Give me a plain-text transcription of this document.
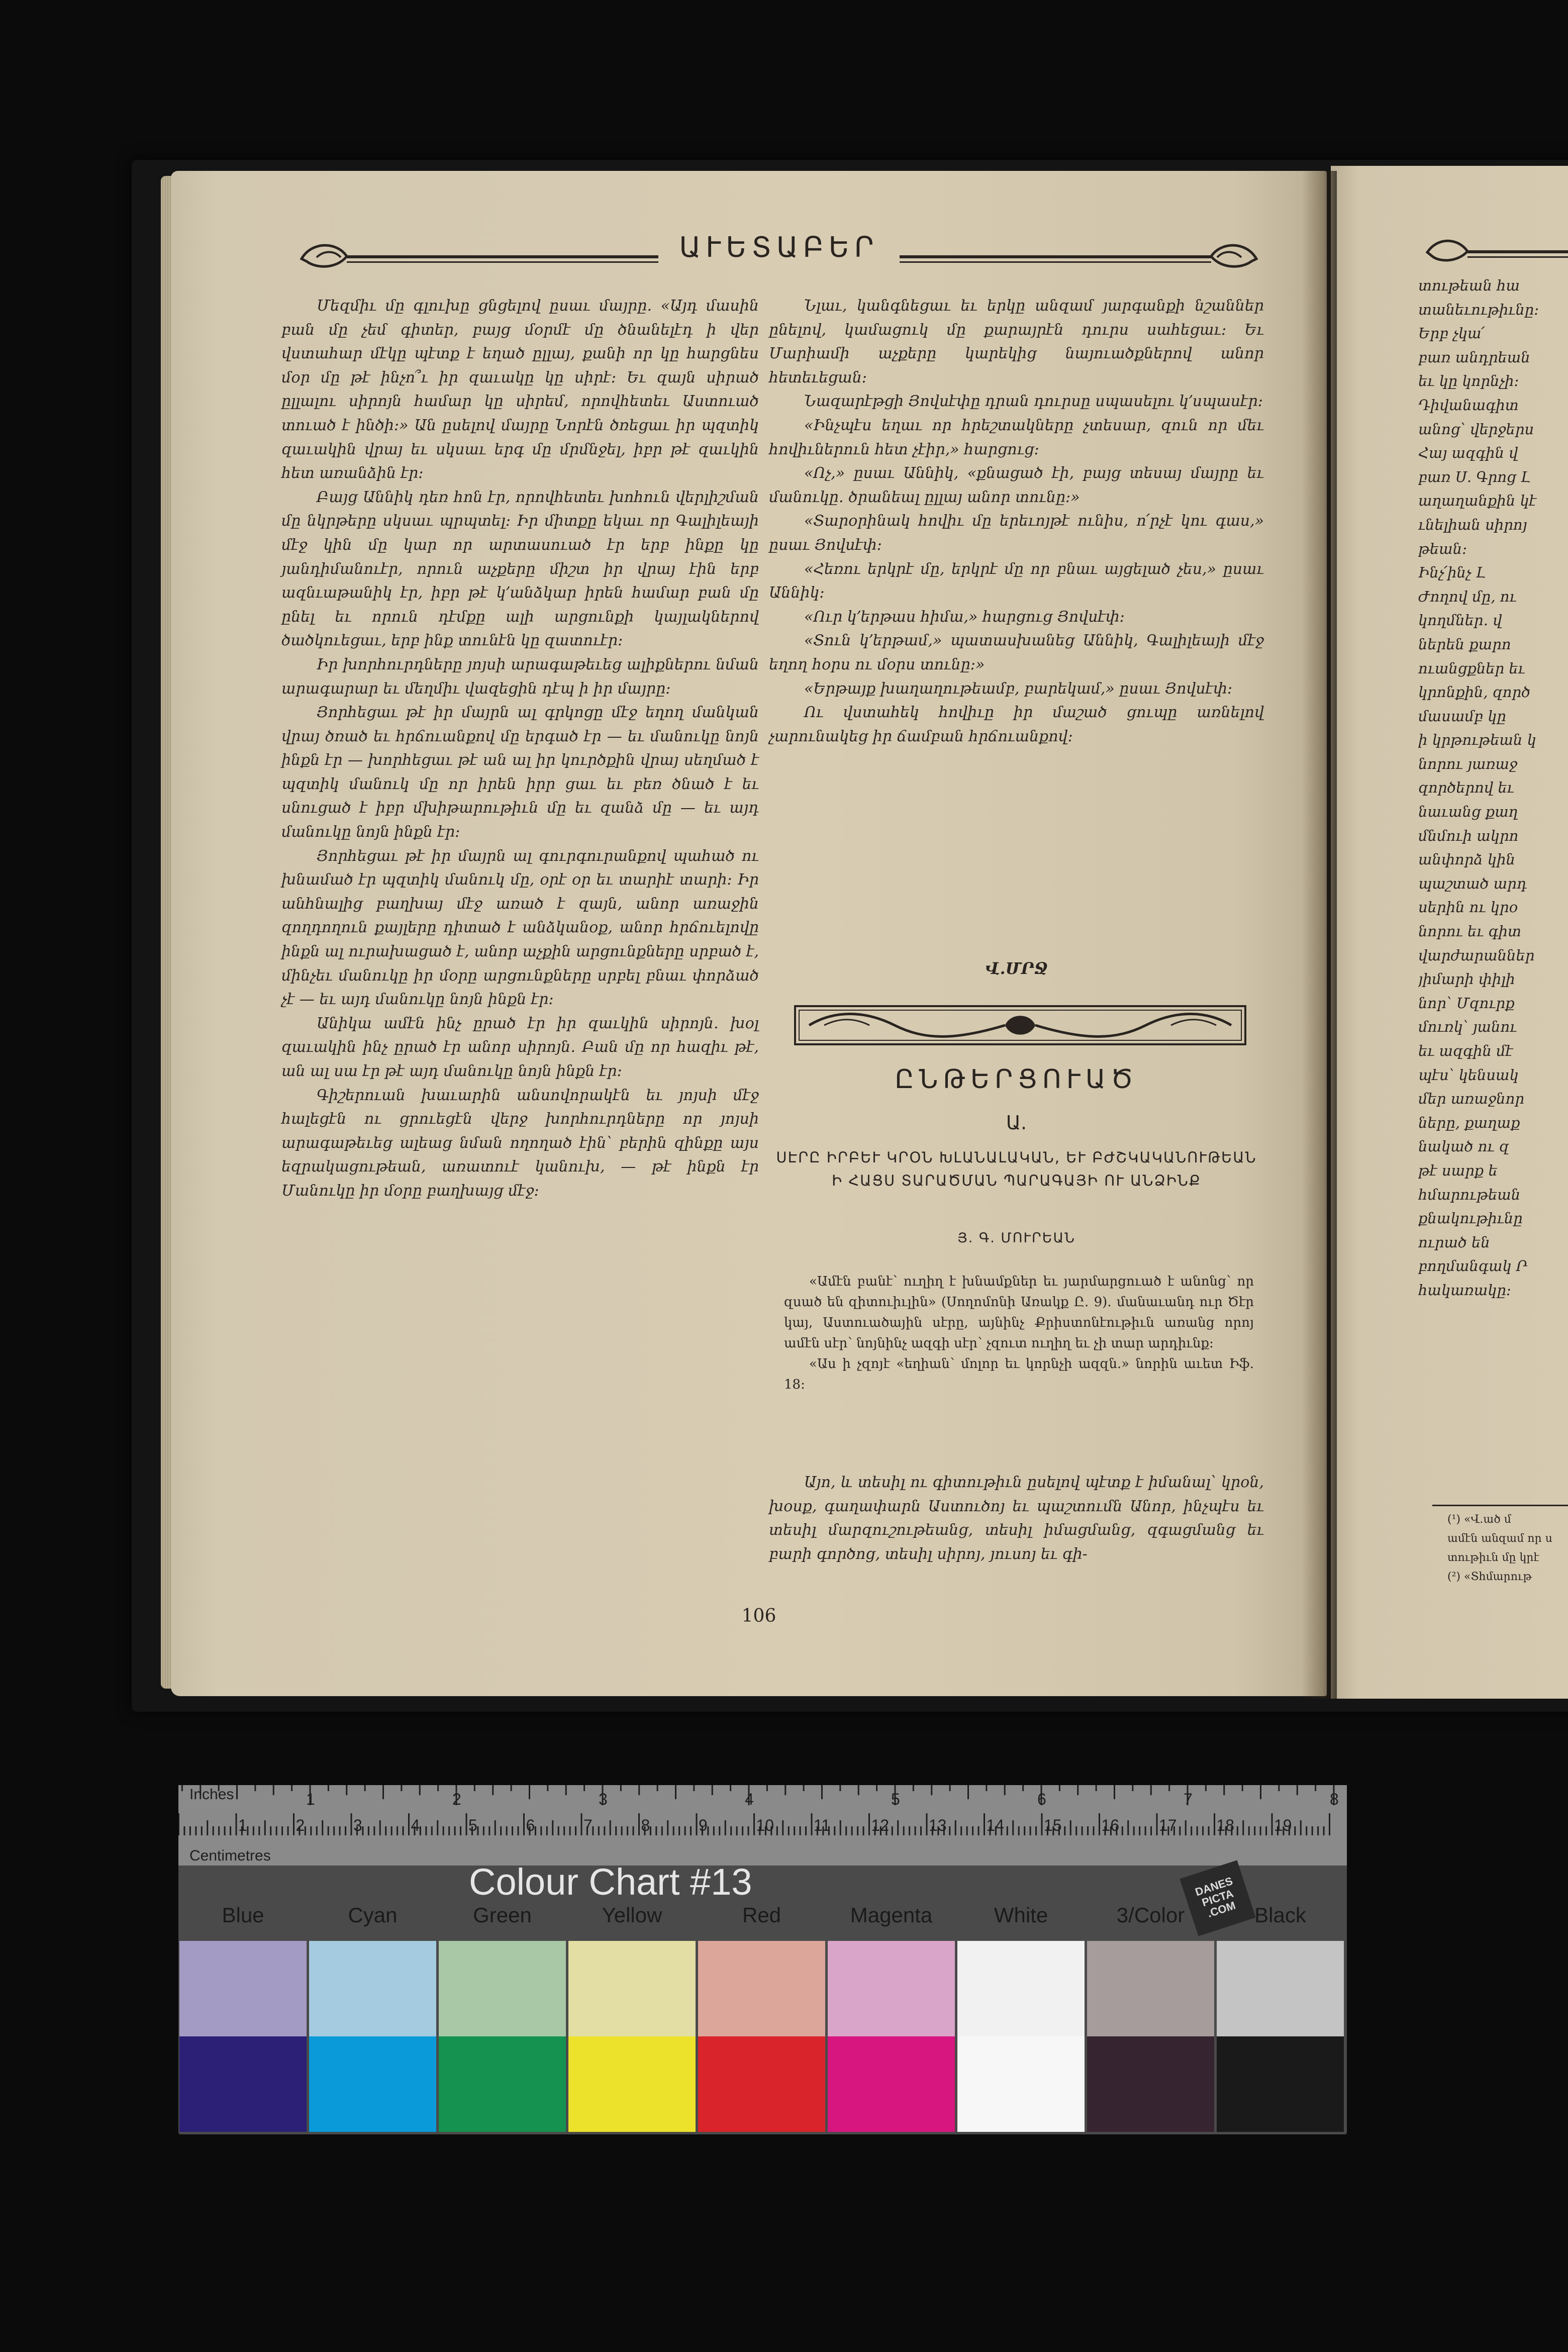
ԱՒԵՏԱԲԵՐ

Մեզմիւ մը գլուխը ցնցելով ըսաւ մայրը․ «Այդ մասին բան մը չեմ գիտեր, բայց մօրմէ մը ծնանելէդ ի վեր վստահար մէկը պէտք է եղած ըլլայ, քանի որ կը հարցնես մօր մը թէ ինչո՞ւ իր զաւակը կը սիրէ։ Եւ զայն սիրած ըլլալու սիրոյն համար կը սիրեմ, որովհետեւ Աստուած տուած է ինծի։» Ան ըսելով մայրը Նորէն ծռեցաւ իր պզտիկ զաւակին վրայ եւ սկսաւ երգ մը մրմնջել, իբր թէ զաւկին հետ առանձին էր։

Բայց Աննիկ դեռ հոն էր, որովհետեւ խոհուն վերլիշման մը նկրթերը սկսաւ պրպտել։ Իր միտքը եկաւ որ Գալիլեայի մէջ կին մը կար որ արտասուած էր երբ ինքը կը յանդիմանուէր, որուն աչքերը միշտ իր վրայ էին երբ ազնւաթանիկ էր, իբր թէ կ՚անձկար իրեն համար բան մը ընել եւ որուն դէմքը ալի արցունքի կայլակներով ծածկուեցաւ, երբ ինք տունէն կը զատուէր։

Իր խորհուրդները յոյսի արագաթեւեց ալիքներու նման արագարար եւ մեղմիւ վազեցին դէպ ի իր մայրը։

Յորհեցաւ թէ իր մայրն ալ գրկոցը մէջ եղող մանկան վրայ ծռած եւ հրճուանքով մը երգած էր — եւ մանուկը նոյն ինքն էր — խորհեցաւ թէ ան ալ իր կուրծքին վրայ սեղմած է պզտիկ մանուկ մը որ իրեն իրր ցաւ եւ բեռ ծնած է եւ սնուցած է իբր մխիթարութիւն մը եւ զանձ մը — եւ այդ մանուկը նոյն ինքն էր։

Յորհեցաւ թէ իր մայրն ալ գուրգուրանքով պահած ու խնամած էր պզտիկ մանուկ մը, օրէ օր եւ տարիէ տարի։ Իր անհնալից բաղխայ մէջ առած է զայն, անոր առաջին զողդողուն քայլերը դիտած է անձկանօք, անոր հրճուելովը ինքն ալ ուրախացած է, անոր աչքին արցունքները սրբած է, մինչեւ մանուկը իր մօրը արցունքները սրբել բնաւ փորձած չէ — եւ այդ մանուկը նոյն ինքն էր։

Անիկա ամէն ինչ ըրած էր իր զաւկին սիրոյն․ խօլ զաւակին ինչ ըրած էր անոր սիրոյն․ Բան մը որ հազիւ թէ, ան ալ սա էր թէ այդ մանուկը նոյն ինքն էր։

Գիշերուան խաւարին անսովորակէն եւ յոյսի մէջ հալեցէն ու ցրուեցէն վերջ խորհուրդները որ յոյսի արագաթեւեց ալեաց նման ողողած էին՝ բերին զինքը այս եզրակացութեան, առատուէ կանուխ, — թէ ինքն էր Մանուկը իր մօրը բաղխայց մէջ։

Նլաւ, կանգնեցաւ եւ երկը անզամ յարգանքի նշաններ ընելով, կամացուկ մը քարայրէն դուրս սահեցաւ։ Եւ Մարիամի աչքերը կարեկից նայուածքներով անոր հետեւեցան։

Նազարէթցի Յովսէփը դրան դուրսը սպասելու կ՚սպասէր։

«Ինչպէս եղաւ որ հրեշտակները չտեսար, զուն որ մեւ հովիւներուն հետ չէիր,» հարցուց։

«Ոչ,» ըսաւ Աննիկ, «քնացած էի, բայց տեսայ մայրը եւ մանուկը․ ծրանեալ ըլլայ անոր տունը։»

«Տարօրինակ հովիւ մը երեւոյթէ ունիս, ո՛րչէ կու գաս,» ըսաւ Յովսէփ։

«Հեռու երկրէ մը, երկրէ մը որ բնաւ այցելած չես,» ըսաւ Աննիկ։

«Ուր կ՚երթաս հիմա,» հարցուց Յովսէփ։

«Տուն կ՚երթամ,» պատասխանեց Աննիկ, Գալիլեայի մէջ եղող հօրս ու մօրս տունը։»

«Երթայք խաղաղութեամբ, բարեկամ,» ըսաւ Յովսէփ։

Ու վստահեկ հովիւը իր մաշած ցուպը առնելով չարունակեց իր ճամբան հրճուանքով։

Վ․ՄՐՋ
ԸՆԹԵՐՑՈՒԱԾ
Ա.
ՍԷՐԸ ԻՐԲԵՒ ԿՐՕՆ ԽԼԱՆԱԼԱԿԱՆ, ԵՒ ԲԺՇԿԱԿԱՆՈՒԹԵԱՆ Ի ՀԱՑՍ ՏԱՐԱԾՄԱՆ ՊԱՐԱԳԱՅԻ ՈՒ ԱՆՁԻՆՔ
Յ. Գ. ՄՈՒՐԵԱՆ

«Ամէն բանէ՝ ուղիղ է խնամքներ եւ յարմարցուած է անոնց՝ որ զսած են զիտուիւլին» (Սողոմոնի Առակք Ը. 9). մանաւանդ ուր Ծէր կայ, Աստուածային սէրը, այնինչ Քրիստոնէութիւն առանց որոյ ամէն սէր՝ նոյնինչ ազգի սէր՝ չզուտ ուղիղ եւ չի տար արդիւնք:

«Աս ի չզոյէ «եղիան՝ մոլոր եւ կորնչի ազզն.» նորին աւետ Իֆ. 18:

Այո, և տեսիլ ու գիտութիւն ըսելով պէտք է իմանալ՝ կրօն, խօսք, գաղափարն Աստուծոյ եւ պաշտումն Անոր, ինչպէս եւ տեսիլ մարզուշութեանց, տեսիլ իմացմանց, զգացմանց եւ բարի գործոց, տեսիլ սիրոյ, յուսոյ եւ գի-

106
տութեան հա
տանեւութիւնը։
Երբ չկա՛
բառ անդրեան
եւ կը կորնչի։
Դիվանագիտ
անոց՝ վերջերս
Հայ ազգին վ
բառ Ս. Գրոց Լ
աղաղանքին կէ
ւնելիան սիրոյ
թեան։
Ինչ՛ինչ Լ
Ժողով մը, ու
կողմներ․ վ
ներեն քարո
ուանցքներ եւ
կրոնքին, զործ
մասամբ կը
ի կրթութեան կ
նորու յառաջ
զործերով եւ
նաւանց քաղ
մնմուի ակրո
անփորձ կին
պաշտած արդ
սերին ու կրօ
նորու եւ գիտ
վարժարաններ
յիմարի փիլի
նոր՝ Մզուրք
մուռկ՝ յանու
եւ ազգին մէ
պէս՝ կենսակ
մեր առաջնոր
ները, քաղաք
նակած ու զ
թէ սարք ե
հմարութեան
քնակութիւնը
ուրած են
բողմանգակ Ր
հակառակը։
(¹) «Վ․ած մ
ամէն անզամ որ ս
տութիւն մը կրէ
(²) «Տհմարութ
Inches
Centimetres
1	2	3	4	5	6	7	8
1	2	3	4	5	6	7	8	9	10 11	12 13 14 15 16 17 18 19
Colour Chart #13	DANES PICTA .COM
Blue	Cyan	Green	Yellow	Red	Magenta	White	3/Color	Black
